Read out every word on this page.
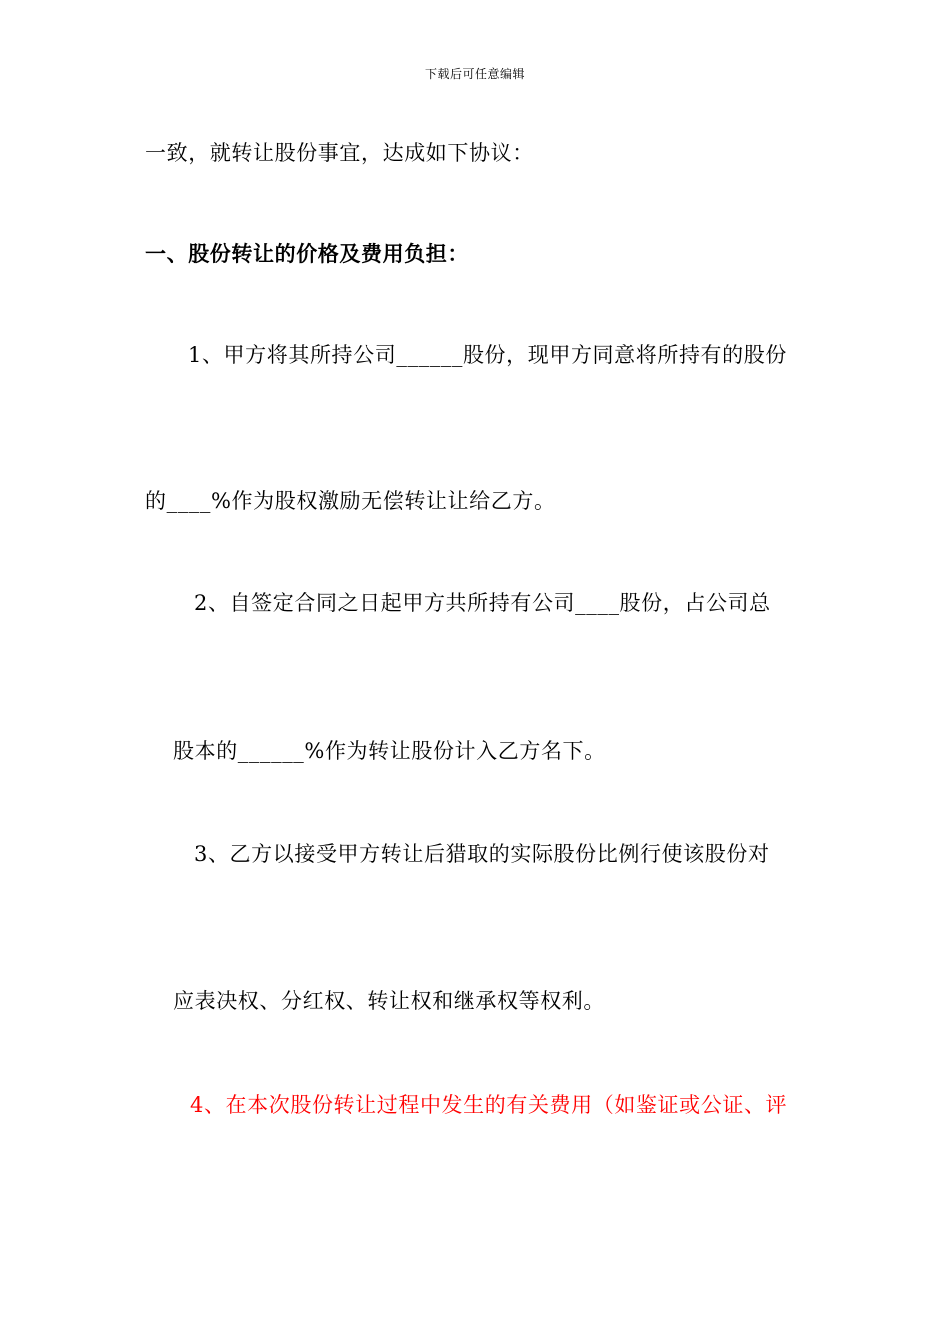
下载后可任意编辑
一致，就转让股份事宜，达成如下协议：
一、股份转让的价格及费用负担：
1、甲方将其所持公司______股份，现甲方同意将所持有的股份
的____%作为股权激励无偿转让让给乙方。
2、自签定合同之日起甲方共所持有公司____股份，占公司总
股本的______%作为转让股份计入乙方名下。
3、乙方以接受甲方转让后猎取的实际股份比例行使该股份对
应表决权、分红权、转让权和继承权等权利。
4、在本次股份转让过程中发生的有关费用（如鉴证或公证、评
